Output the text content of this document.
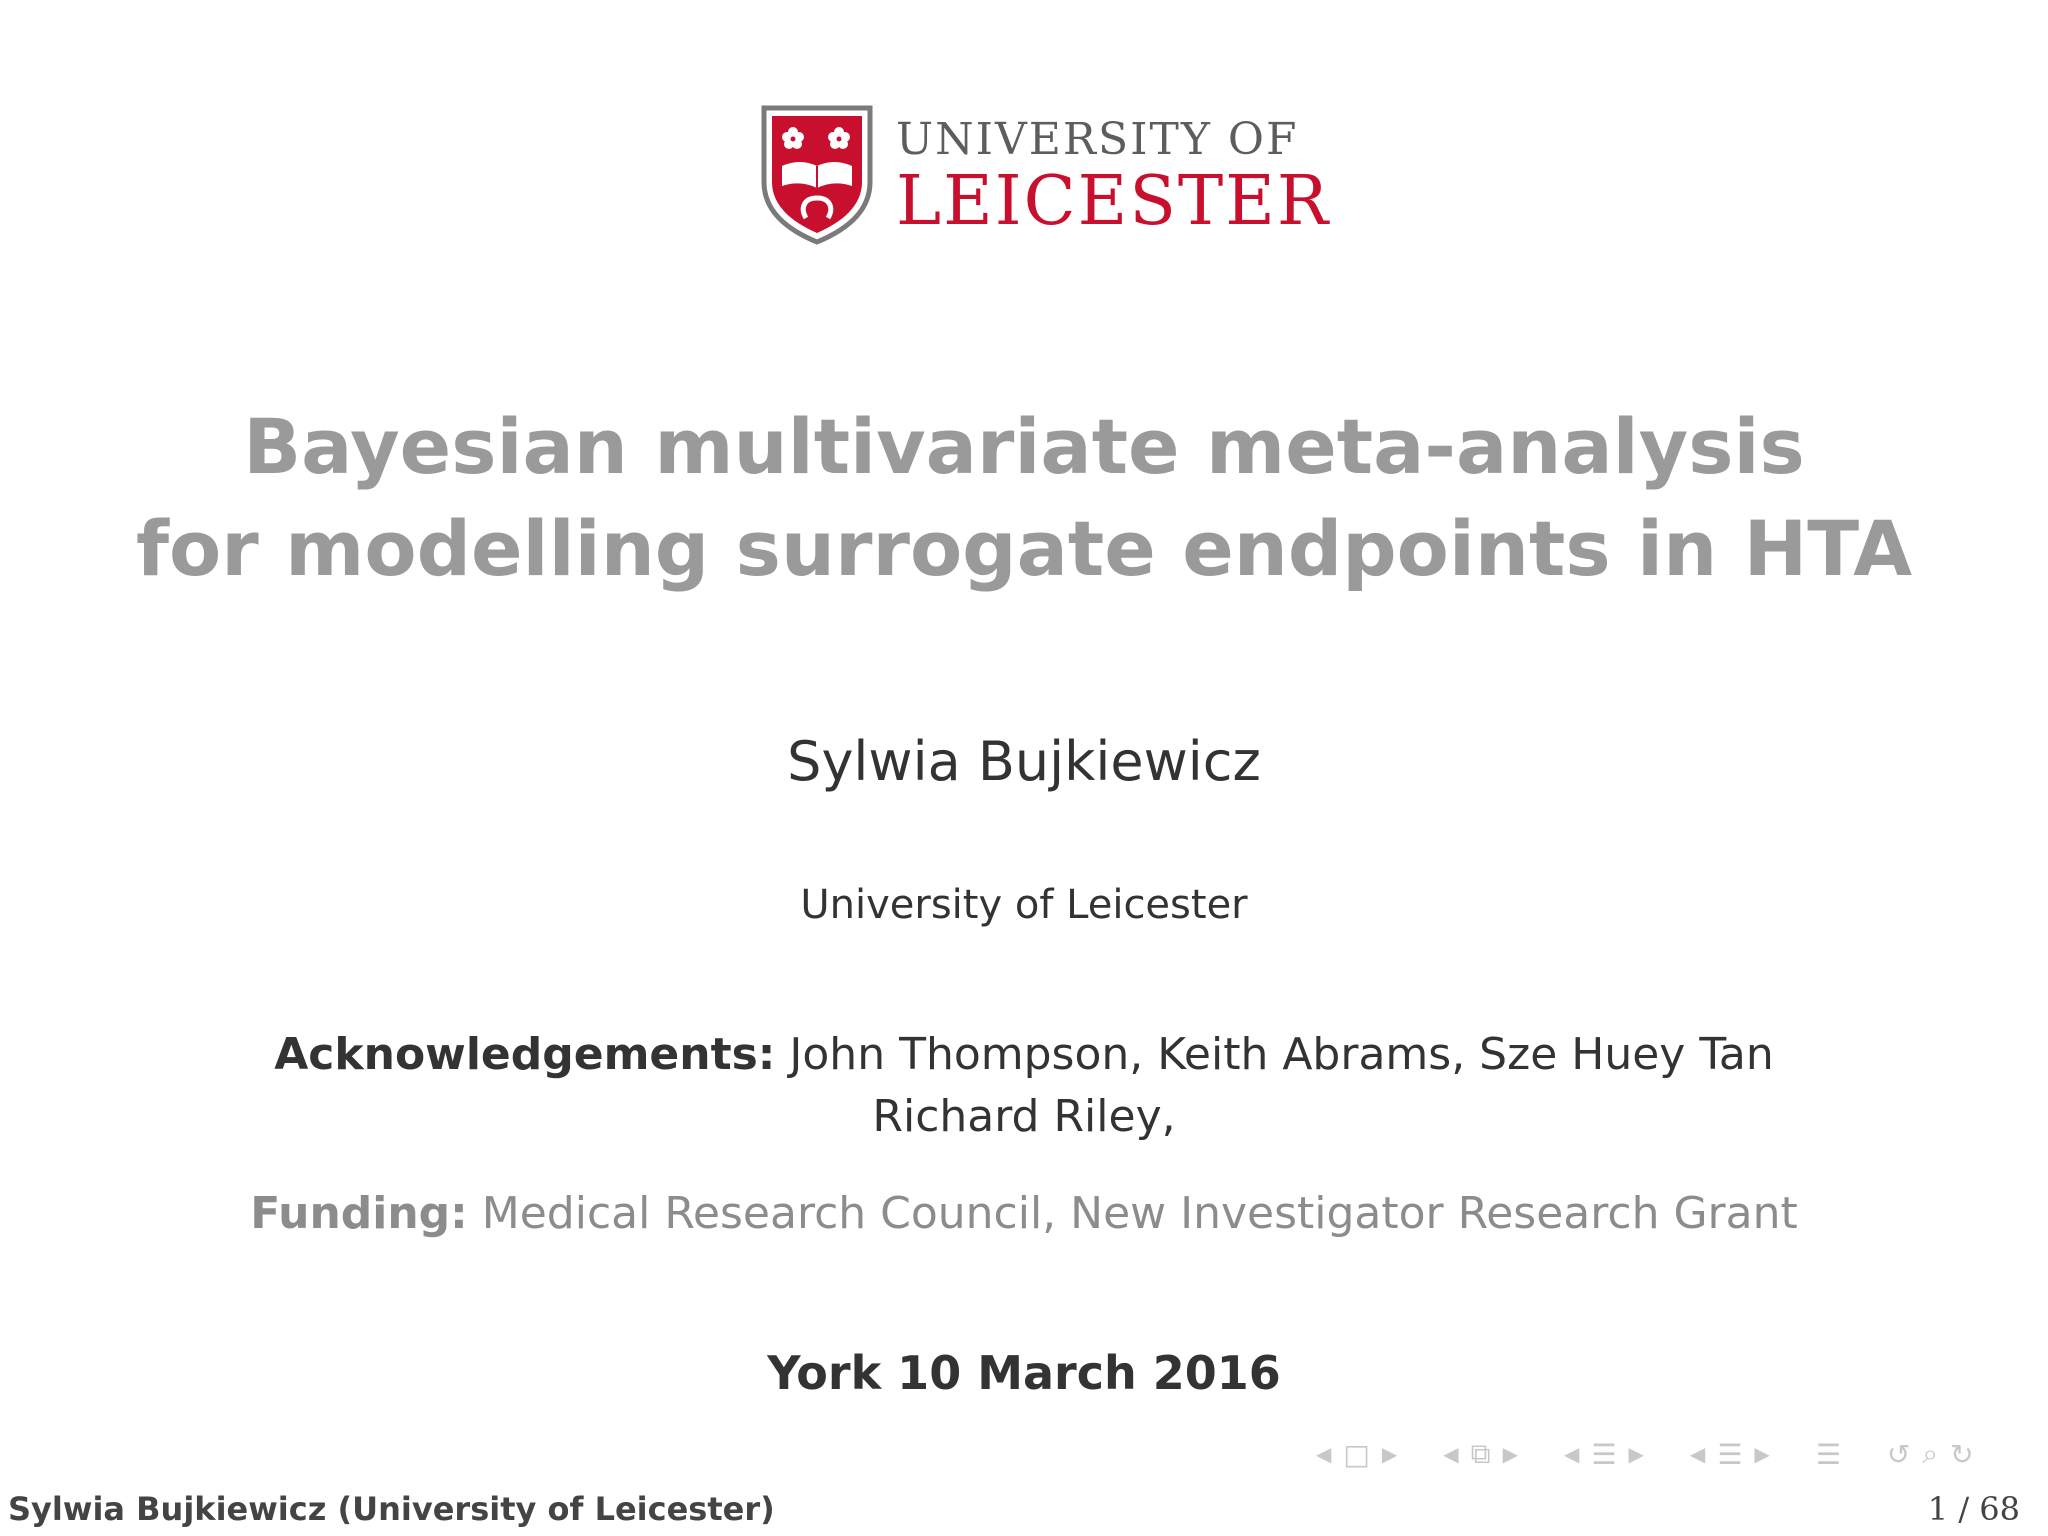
UNIVERSITY OF
LEICESTER
Bayesian multivariate meta-analysis
for modelling surrogate endpoints in HTA
Sylwia Bujkiewicz
University of Leicester
Acknowledgements: John Thompson, Keith Abrams, Sze Huey Tan
Richard Riley,
Funding: Medical Research Council, New Investigator Research Grant
York 10 March 2016
◀ □ ▶ ◀ ⧉ ▶ ◀ ☰ ▶ ◀ ☰ ▶ ☰ ↺ ⌕ ↻
Sylwia Bujkiewicz (University of Leicester)	1 / 68
